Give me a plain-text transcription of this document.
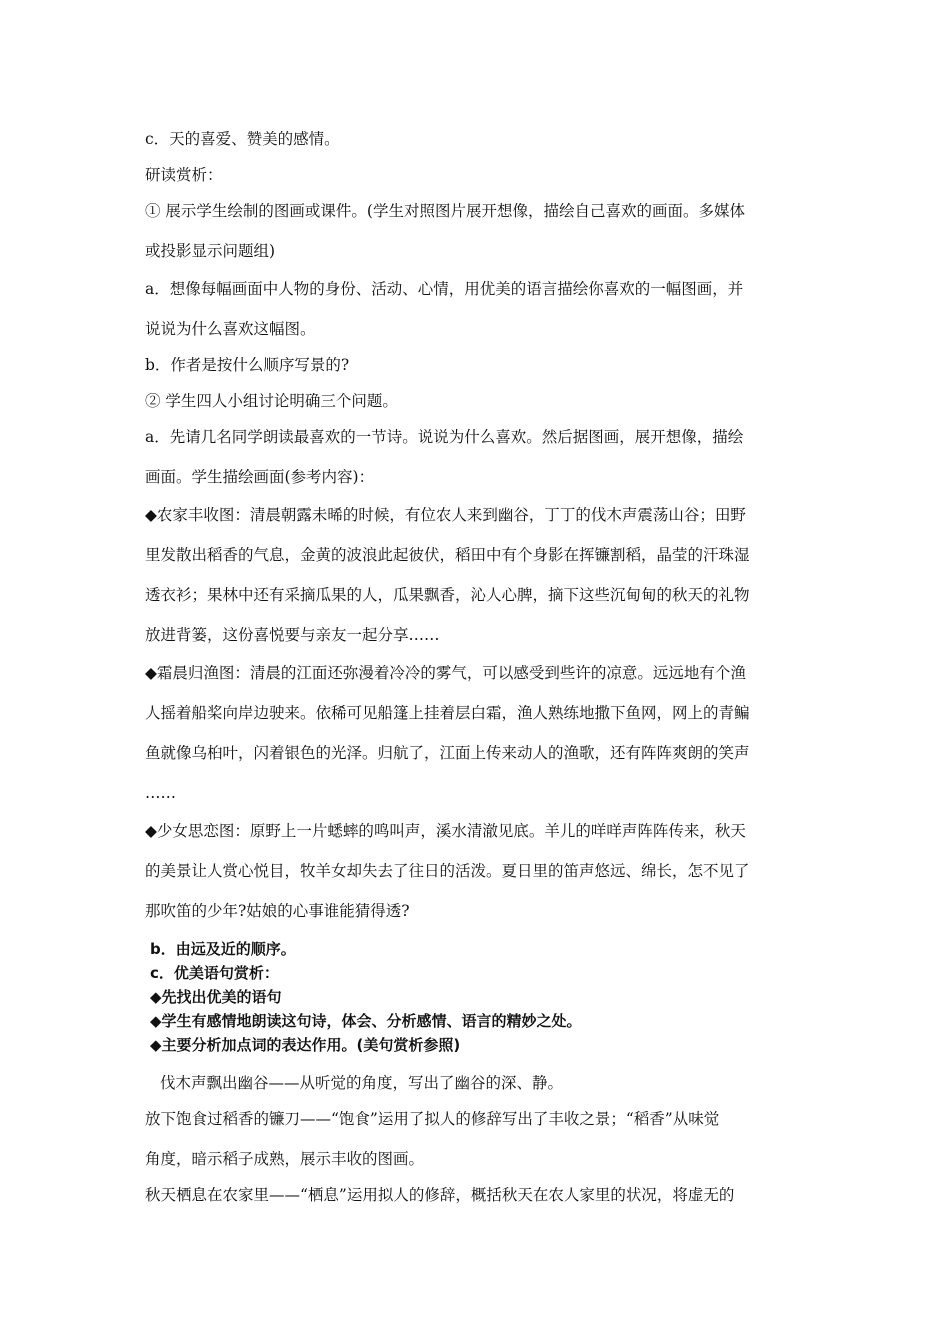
c．天的喜爱、赞美的感情。
研读赏析：
① 展示学生绘制的图画或课件。(学生对照图片展开想像，描绘自己喜欢的画面。多媒体
或投影显示问题组)
a．想像每幅画面中人物的身份、活动、心情，用优美的语言描绘你喜欢的一幅图画，并
说说为什么喜欢这幅图。
b．作者是按什么顺序写景的?
② 学生四人小组讨论明确三个问题。
a．先请几名同学朗读最喜欢的一节诗。说说为什么喜欢。然后据图画，展开想像，描绘
画面。学生描绘画面(参考内容)：
◆农家丰收图：清晨朝露未晞的时候，有位农人来到幽谷，丁丁的伐木声震荡山谷；田野
里发散出稻香的气息，金黄的波浪此起彼伏，稻田中有个身影在挥镰割稻，晶莹的汗珠湿
透衣衫；果林中还有采摘瓜果的人，瓜果飘香，沁人心脾，摘下这些沉甸甸的秋天的礼物
放进背篓，这份喜悦要与亲友一起分享……
◆霜晨归渔图：清晨的江面还弥漫着冷冷的雾气，可以感受到些许的凉意。远远地有个渔
人摇着船桨向岸边驶来。依稀可见船篷上挂着层白霜，渔人熟练地撒下鱼网，网上的青鳊
鱼就像乌桕叶，闪着银色的光泽。归航了，江面上传来动人的渔歌，还有阵阵爽朗的笑声
……
◆少女思恋图：原野上一片蟋蟀的鸣叫声，溪水清澈见底。羊儿的咩咩声阵阵传来，秋天
的美景让人赏心悦目，牧羊女却失去了往日的活泼。夏日里的笛声悠远、绵长，怎不见了
那吹笛的少年?姑娘的心事谁能猜得透?
b．由远及近的顺序。
c．优美语句赏析：
◆先找出优美的语句
◆学生有感情地朗读这句诗，体会、分析感情、语言的精妙之处。
◆主要分析加点词的表达作用。(美句赏析参照)
伐木声飘出幽谷——从听觉的角度，写出了幽谷的深、静。
放下饱食过稻香的镰刀——“饱食”运用了拟人的修辞写出了丰收之景；“稻香”从味觉
角度，暗示稻子成熟，展示丰收的图画。
秋天栖息在农家里——“栖息”运用拟人的修辞，概括秋天在农人家里的状况，将虚无的
